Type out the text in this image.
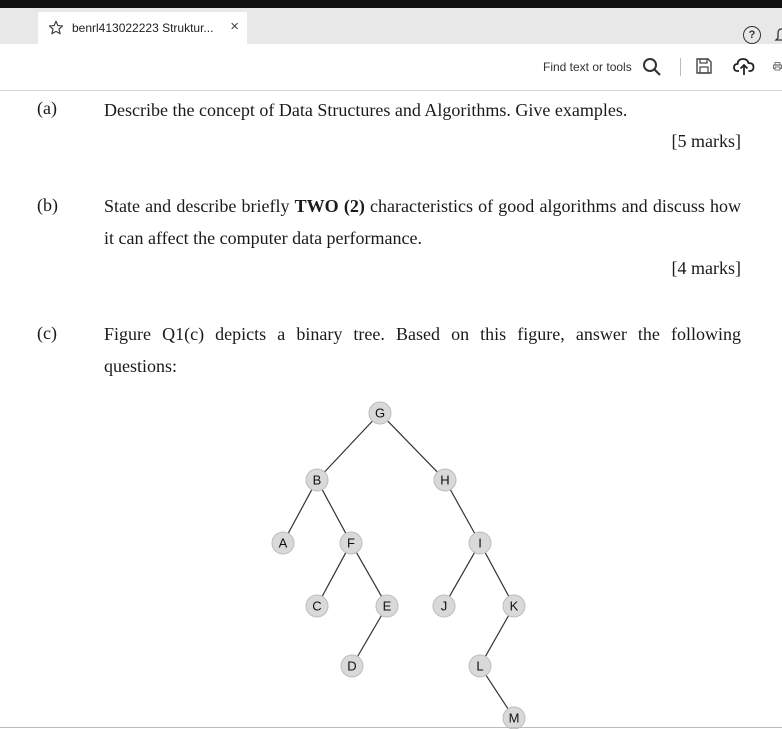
benrl413022223 Struktur... ×	?
Find text or tools
(a)	Describe the concept of Data Structures and Algorithms. Give examples.
[5 marks]
(b)	State and describe briefly TWO (2) characteristics of good algorithms and discuss how
it can affect the computer data performance.
[4 marks]
(c)	Figure Q1(c) depicts a binary tree. Based on this figure, answer the following
questions:
G
B	H
A	F	I
C	E	J	K
D	L
M
